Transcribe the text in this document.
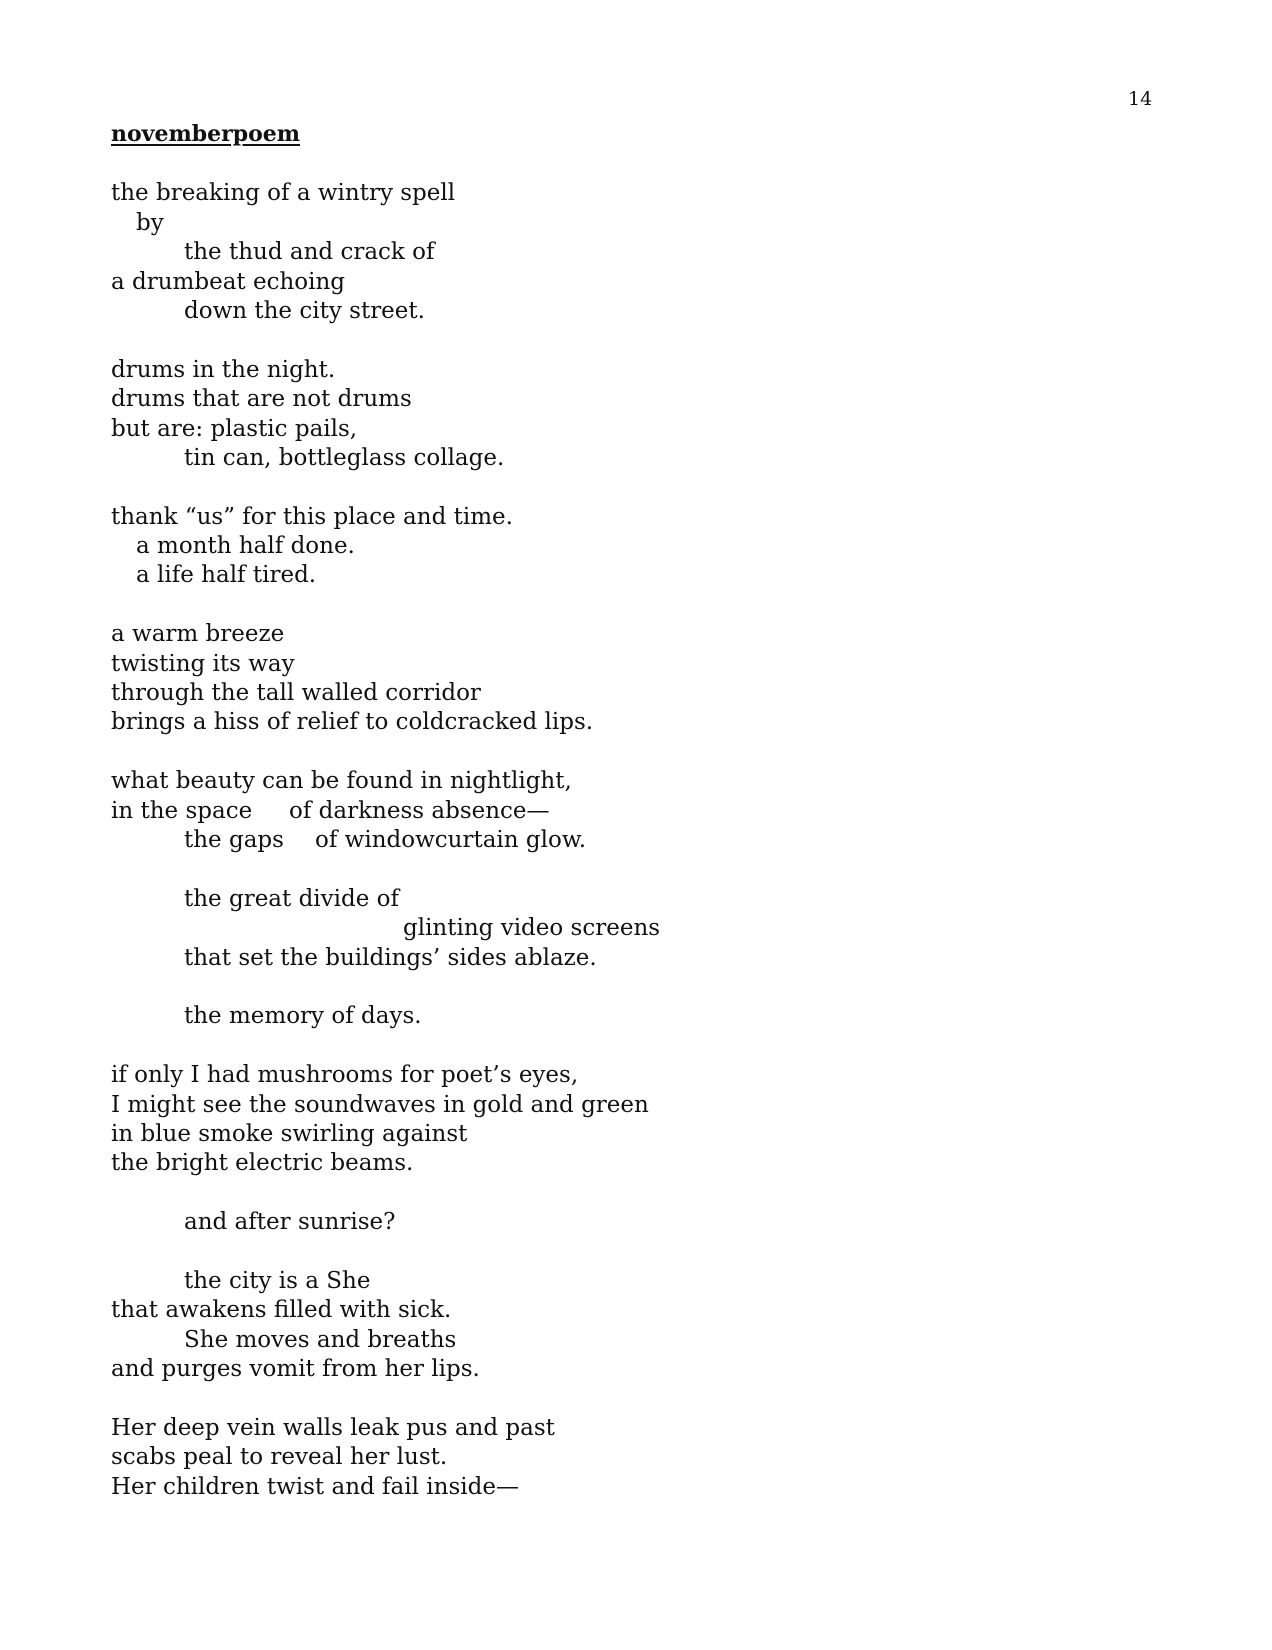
14
novemberpoem
the breaking of a wintry spell
by
the thud and crack of
a drumbeat echoing
down the city street.
drums in the night.
drums that are not drums
but are: plastic pails,
tin can, bottleglass collage.
thank “us” for this place and time.
a month half done.
a life half tired.
a warm breeze
twisting its way
through the tall walled corridor
brings a hiss of relief to coldcracked lips.
what beauty can be found in nightlight,
in the space of darkness absence—
the gaps of windowcurtain glow.
the great divide of
glinting video screens
that set the buildings’ sides ablaze.
the memory of days.
if only I had mushrooms for poet’s eyes,
I might see the soundwaves in gold and green
in blue smoke swirling against
the bright electric beams.
and after sunrise?
the city is a She
that awakens filled with sick.
She moves and breaths
and purges vomit from her lips.
Her deep vein walls leak pus and past
scabs peal to reveal her lust.
Her children twist and fail inside—
